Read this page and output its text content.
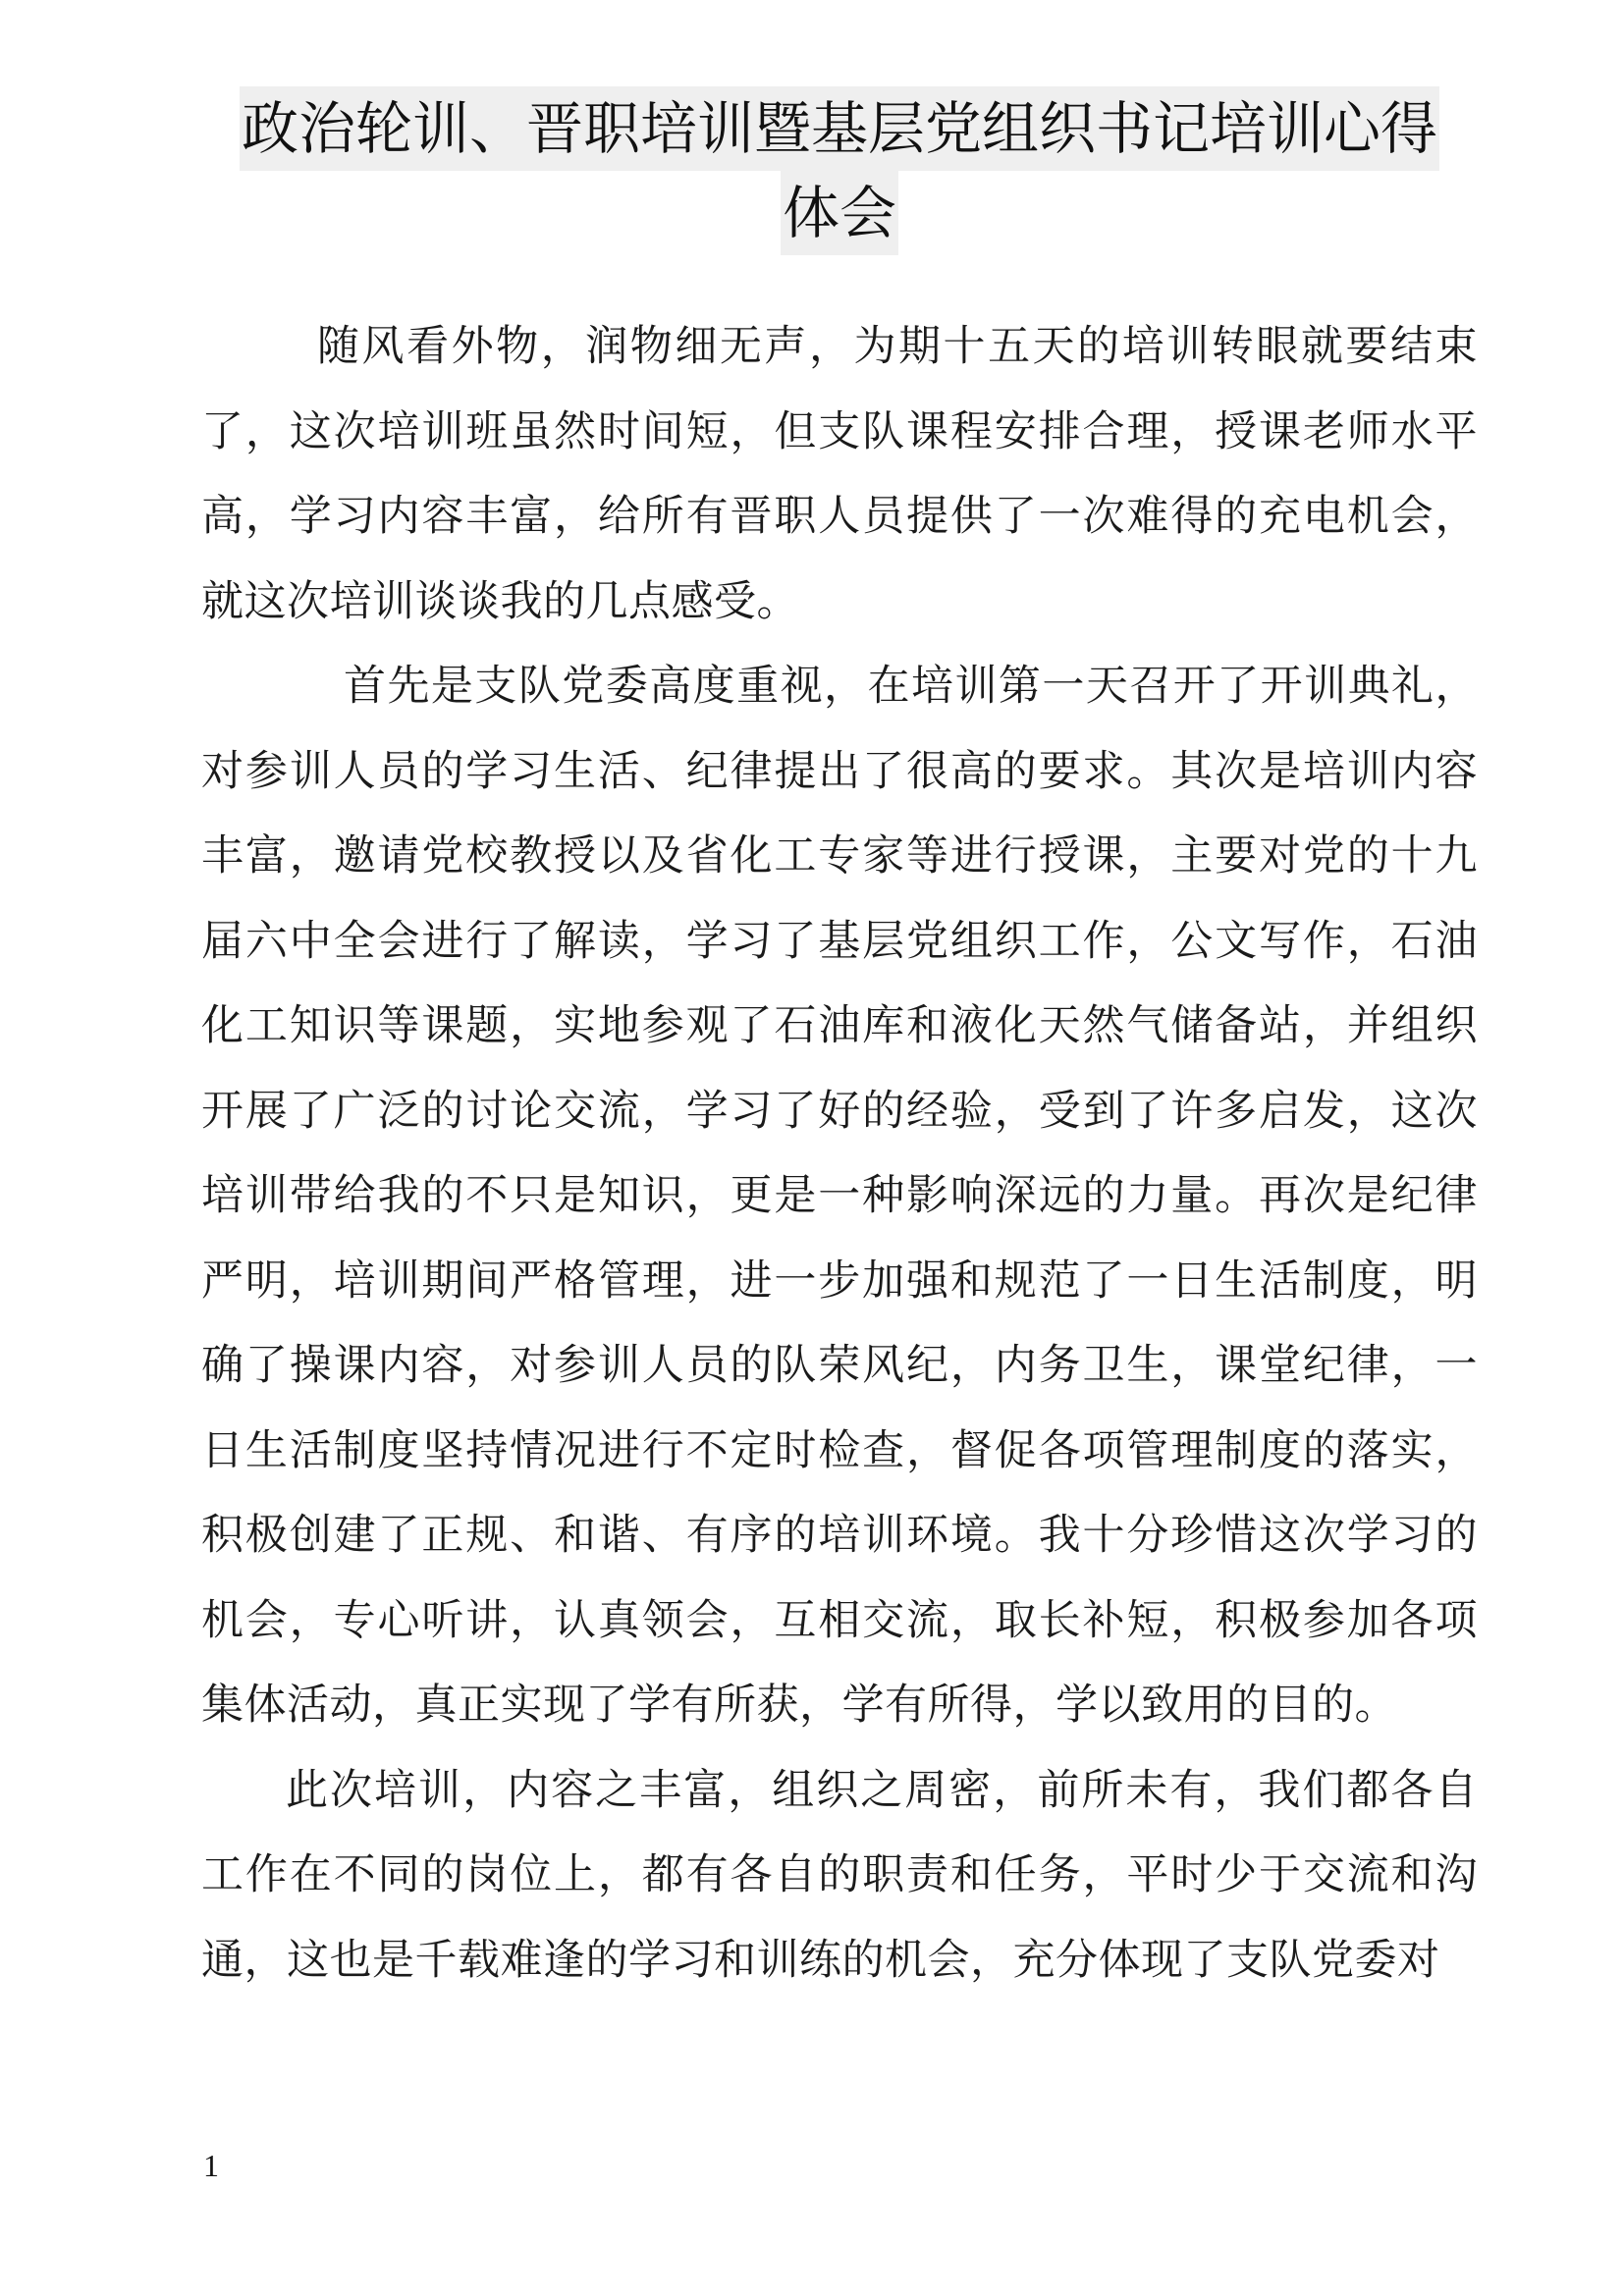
政治轮训、晋职培训暨基层党组织书记培训心得
体会

随风看外物，润物细无声，为期十五天的培训转眼就要结束了，这次培训班虽然时间短，但支队课程安排合理，授课老师水平高，学习内容丰富，给所有晋职人员提供了一次难得的充电机会，就这次培训谈谈我的几点感受。

首先是支队党委高度重视，在培训第一天召开了开训典礼，对参训人员的学习生活、纪律提出了很高的要求。其次是培训内容丰富，邀请党校教授以及省化工专家等进行授课，主要对党的十九届六中全会进行了解读，学习了基层党组织工作，公文写作，石油化工知识等课题，实地参观了石油库和液化天然气储备站，并组织开展了广泛的讨论交流，学习了好的经验，受到了许多启发，这次培训带给我的不只是知识，更是一种影响深远的力量。再次是纪律严明，培训期间严格管理，进一步加强和规范了一日生活制度，明确了操课内容，对参训人员的队荣风纪，内务卫生，课堂纪律，一日生活制度坚持情况进行不定时检查，督促各项管理制度的落实，积极创建了正规、和谐、有序的培训环境。我十分珍惜这次学习的机会，专心听讲，认真领会，互相交流，取长补短，积极参加各项集体活动，真正实现了学有所获，学有所得，学以致用的目的。

此次培训，内容之丰富，组织之周密，前所未有，我们都各自工作在不同的岗位上，都有各自的职责和任务，平时少于交流和沟通，这也是千载难逢的学习和训练的机会，充分体现了支队党委对

1
